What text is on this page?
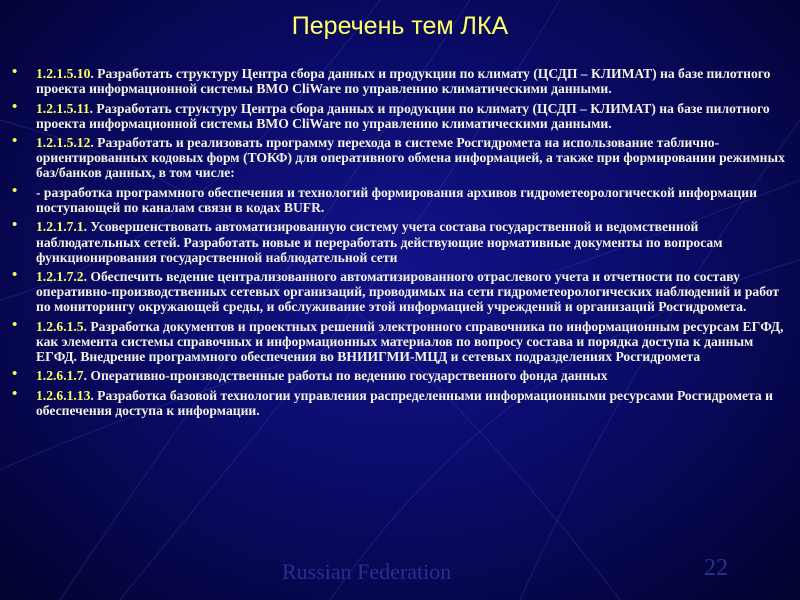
Перечень тем ЛКА
• 1.2.1.5.10. Разработать структуру Центра сбора данных и продукции по климату (ЦСДП – КЛИМАТ) на базе пилотного проекта информационной системы ВМО CliWare по управлению климатическими данными.
• 1.2.1.5.11. Разработать структуру Центра сбора данных и продукции по климату (ЦСДП – КЛИМАТ) на базе пилотного проекта информационной системы ВМО CliWare по управлению климатическими данными.
• 1.2.1.5.12. Разработать и реализовать программу перехода в системе Росгидромета на использование таблично-ориентированных кодовых форм (ТОКФ) для оперативного обмена информацией, а также при формировании режимных баз/банков данных, в том числе:
• - разработка программного обеспечения и технологий формирования архивов гидрометеорологической информации поступающей по каналам связи в кодах BUFR.
• 1.2.1.7.1. Усовершенствовать автоматизированную систему учета состава государственной и ведомственной наблюдательных сетей. Разработать новые и переработать действующие нормативные документы по вопросам функционирования государственной наблюдательной сети
• 1.2.1.7.2. Обеспечить ведение централизованного автоматизированного отраслевого учета и отчетности по составу оперативно-производственных сетевых организаций, проводимых на сети гидрометеорологических наблюдений и работ по мониторингу окружающей среды, и обслуживание этой информацией учреждений и организаций Росгидромета.
• 1.2.6.1.5. Разработка документов и проектных решений электронного справочника по информационным ресурсам ЕГФД, как элемента системы справочных и информационных материалов по вопросу состава и порядка доступа к данным ЕГФД. Внедрение программного обеспечения во ВНИИГМИ-МЦД и сетевых подразделениях Росгидромета
• 1.2.6.1.7. Оперативно-производственные работы по ведению государственного фонда данных
• 1.2.6.1.13. Разработка базовой технологии управления распределенными информационными ресурсами Росгидромета и обеспечения доступа к информации.
Russian Federation	22
